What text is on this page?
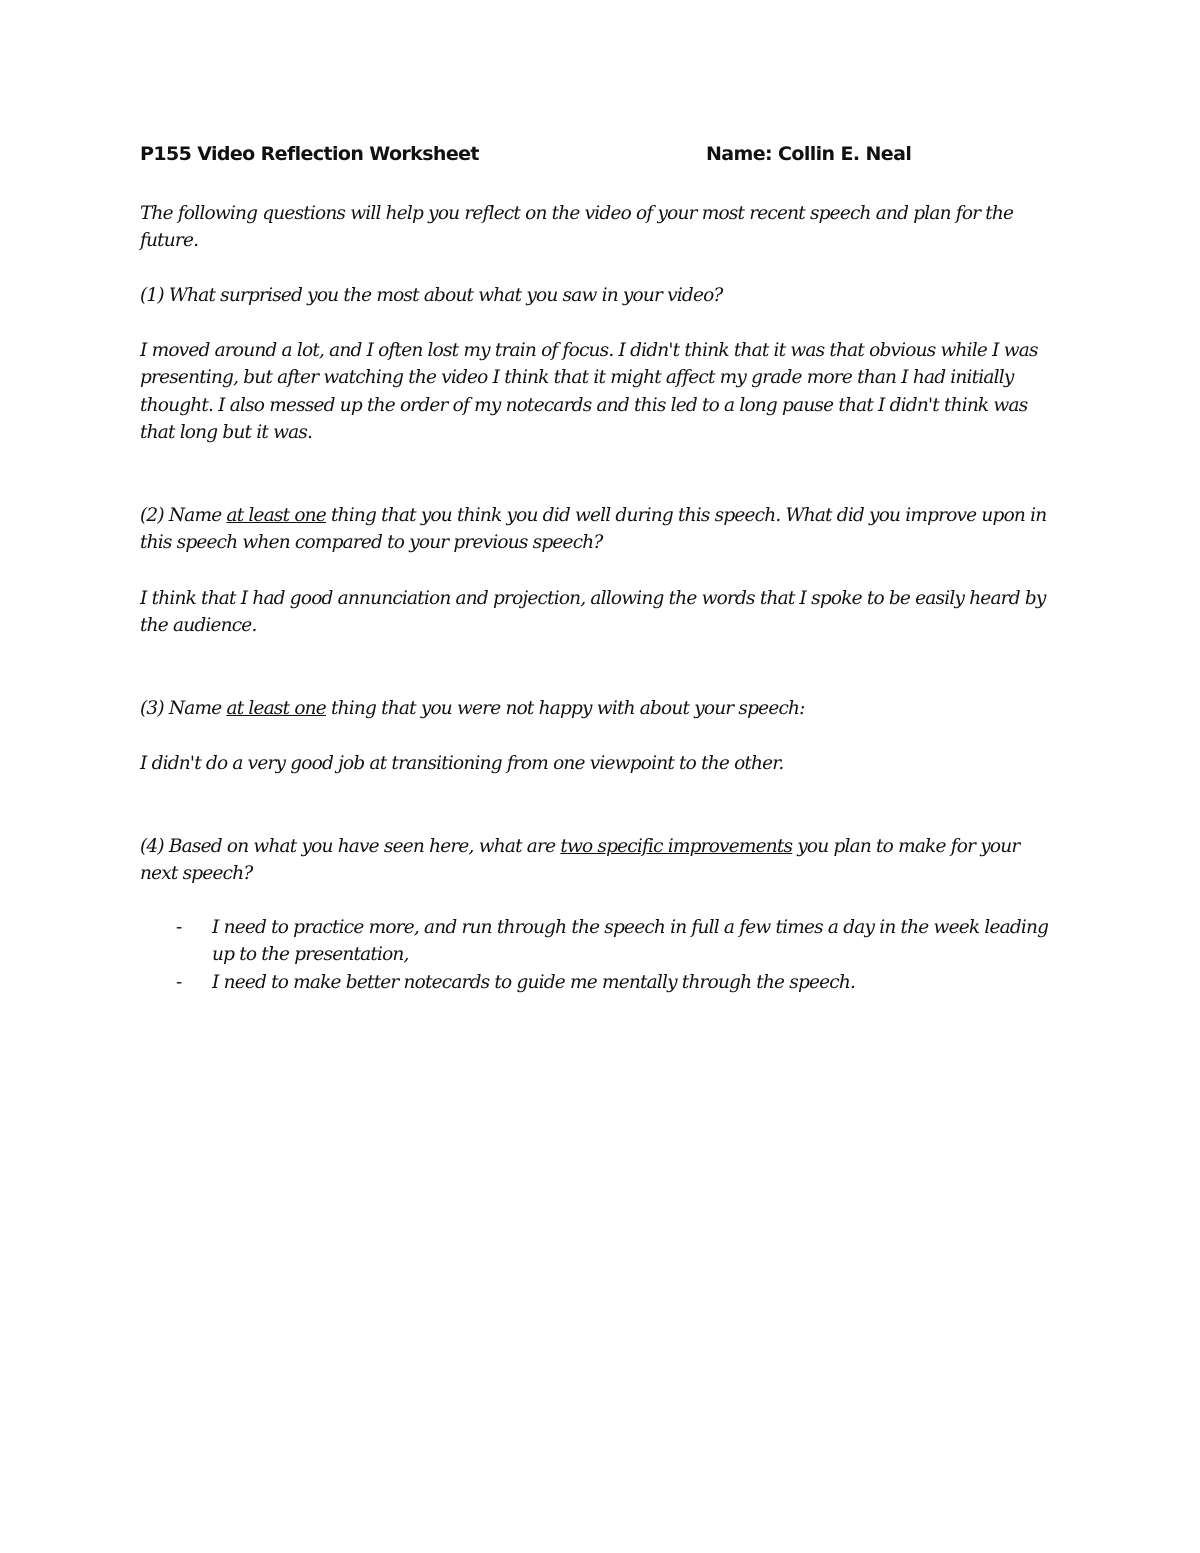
P155 Video Reflection Worksheet	Name: Collin E. Neal

The following questions will help you reflect on the video of your most recent speech and plan for the future.

(1) What surprised you the most about what you saw in your video?

I moved around a lot, and I often lost my train of focus. I didn't think that it was that obvious while I was presenting, but after watching the video I think that it might affect my grade more than I had initially thought. I also messed up the order of my notecards and this led to a long pause that I didn't think was that long but it was.

(2) Name at least one thing that you think you did well during this speech. What did you improve upon in this speech when compared to your previous speech?

I think that I had good annunciation and projection, allowing the words that I spoke to be easily heard by the audience.

(3) Name at least one thing that you were not happy with about your speech:

I didn't do a very good job at transitioning from one viewpoint to the other.

(4) Based on what you have seen here, what are two specific improvements you plan to make for your next speech?

- I need to practice more, and run through the speech in full a few times a day in the week leading up to the presentation,
- I need to make better notecards to guide me mentally through the speech.
